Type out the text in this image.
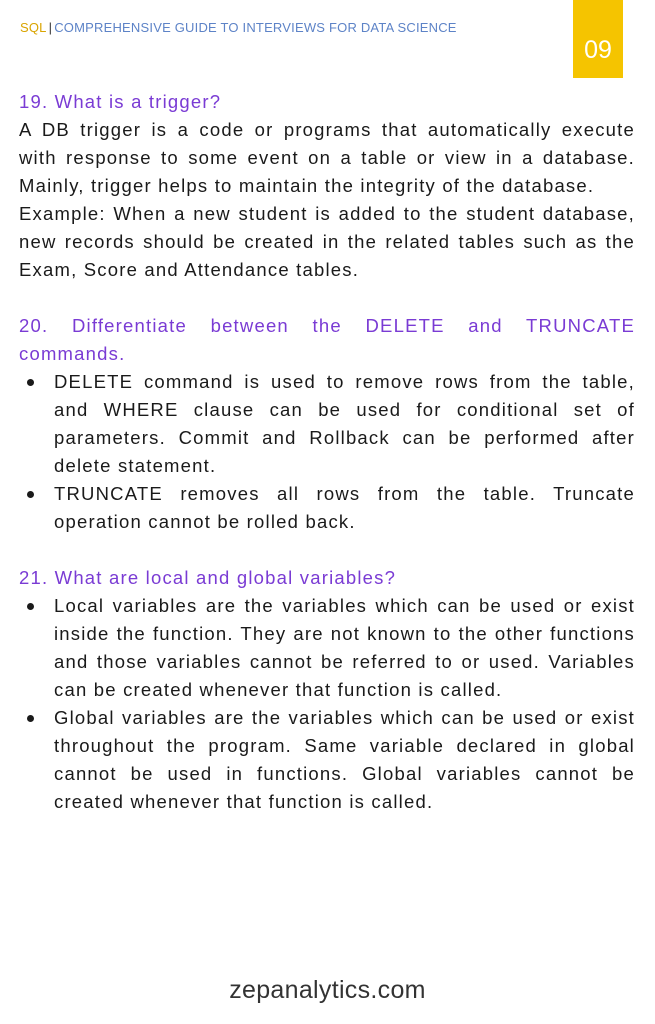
SQL | COMPREHENSIVE GUIDE TO INTERVIEWS FOR DATA SCIENCE
09
19. What is a trigger?

A DB trigger is a code or programs that automatically execute with response to some event on a table or view in a database. Mainly, trigger helps to maintain the integrity of the database.

Example: When a new student is added to the student database, new records should be created in the related tables such as the Exam, Score and Attendance tables.

20. Differentiate between the DELETE and TRUNCATE commands.
DELETE command is used to remove rows from the table, and WHERE clause can be used for conditional set of parameters. Commit and Rollback can be performed after delete statement.
TRUNCATE removes all rows from the table. Truncate operation cannot be rolled back.
21. What are local and global variables?
Local variables are the variables which can be used or exist inside the function. They are not known to the other functions and those variables cannot be referred to or used. Variables can be created whenever that function is called.
Global variables are the variables which can be used or exist throughout the program. Same variable declared in global cannot be used in functions. Global variables cannot be created whenever that function is called.
zepanalytics.com
